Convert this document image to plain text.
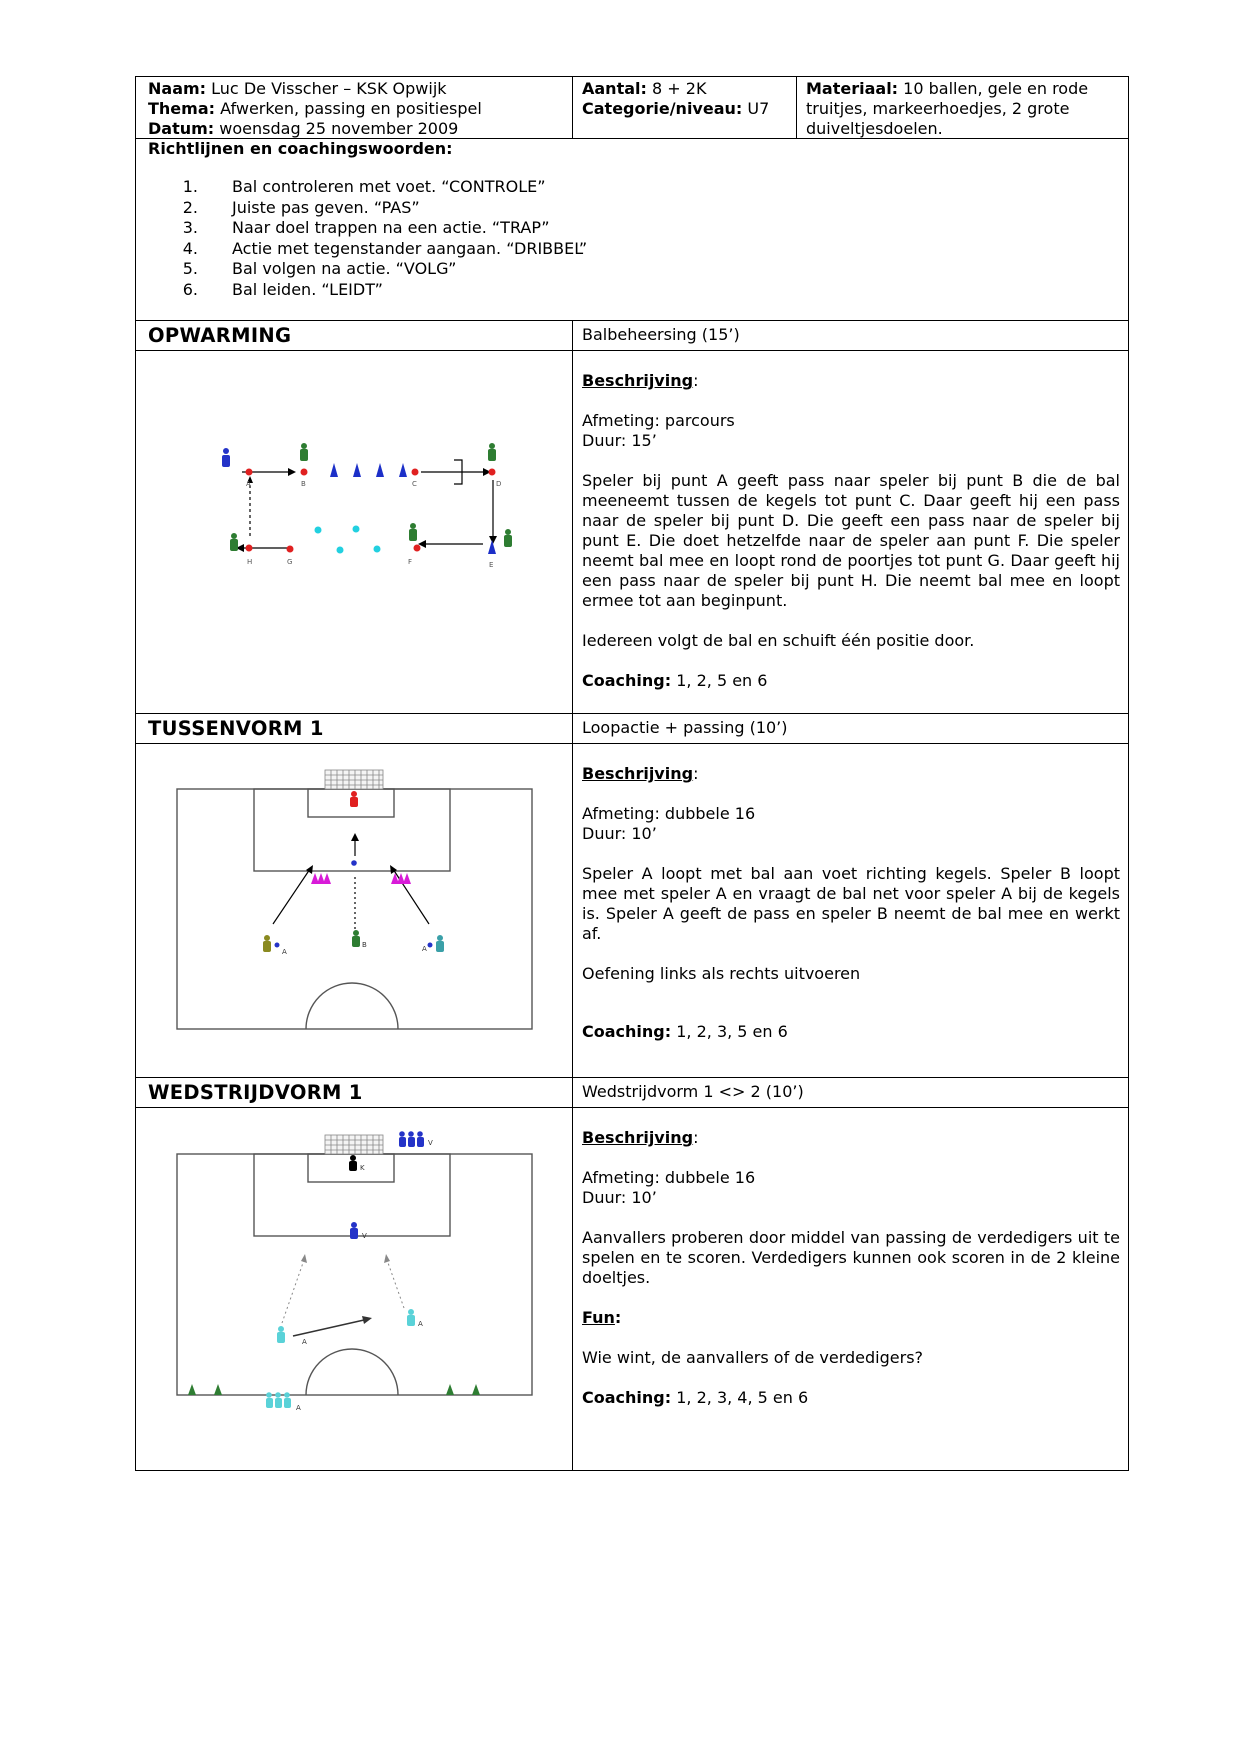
Naam: Luc De Visscher – KSK Opwijk
Thema: Afwerken, passing en positiespel
Datum: woensdag 25 november 2009
Aantal: 8 + 2K
Categorie/niveau: U7
Materiaal: 10 ballen, gele en rode
truitjes, markeerhoedjes, 2 grote
duiveltjesdoelen.
Richtlijnen en coachingswoorden:
1. Bal controleren met voet. “CONTROLE”
2. Juiste pas geven. “PAS”
3. Naar doel trappen na een actie. “TRAP”
4. Actie met tegenstander aangaan. “DRIBBEL”
5. Bal volgen na actie. “VOLG”
6. Bal leiden. “LEIDT”
OPWARMING	Balbeheersing (15’)
A	B	C	D
E
F
G
H

Beschrijving:

Afmeting: parcours

Duur: 15’

Speler bij punt A geeft pass naar speler bij punt B die de bal meeneemt tussen de kegels tot punt C. Daar geeft hij een pass naar de speler bij punt D. Die geeft een pass naar de speler bij punt E. Die doet hetzelfde naar de speler aan punt F. Die speler neemt bal mee en loopt rond de poortjes tot punt G. Daar geeft hij een pass naar de speler bij punt H. Die neemt bal mee en loopt ermee tot aan beginpunt.

Iedereen volgt de bal en schuift één positie door.

Coaching: 1, 2, 5 en 6

TUSSENVORM 1	Loopactie + passing (10’)
A
B	A

Beschrijving:

Afmeting: dubbele 16

Duur: 10’

Speler A loopt met bal aan voet richting kegels. Speler B loopt mee met speler A en vraagt de bal net voor speler A bij de kegels is. Speler A geeft de pass en speler B neemt de bal mee en werkt af.

Oefening links als rechts uitvoeren

Coaching: 1, 2, 3, 5 en 6

WEDSTRIJDVORM 1	Wedstrijdvorm 1 <> 2 (10’)
V
K
V
A
A
A

Beschrijving:

Afmeting: dubbele 16

Duur: 10’

Aanvallers proberen door middel van passing de verdedigers uit te spelen en te scoren. Verdedigers kunnen ook scoren in de 2 kleine doeltjes.

Fun:

Wie wint, de aanvallers of de verdedigers?

Coaching: 1, 2, 3, 4, 5 en 6
